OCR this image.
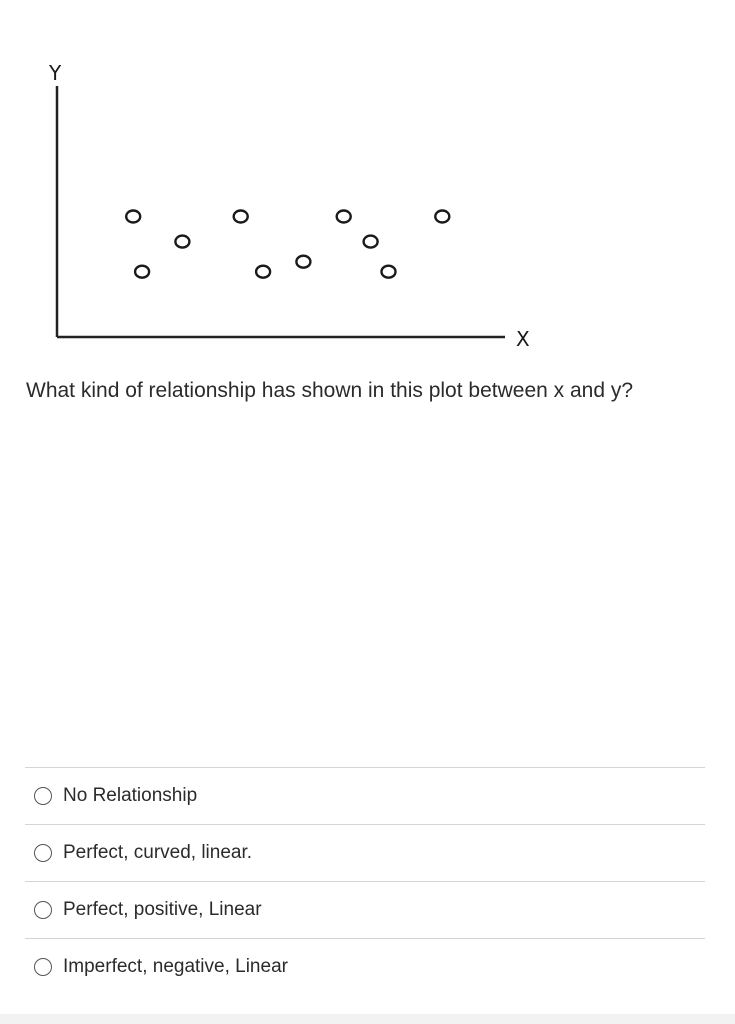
Y
X

What kind of relationship has shown in this plot between x and y?

No Relationship
Perfect, curved, linear.
Perfect, positive, Linear
Imperfect, negative, Linear
